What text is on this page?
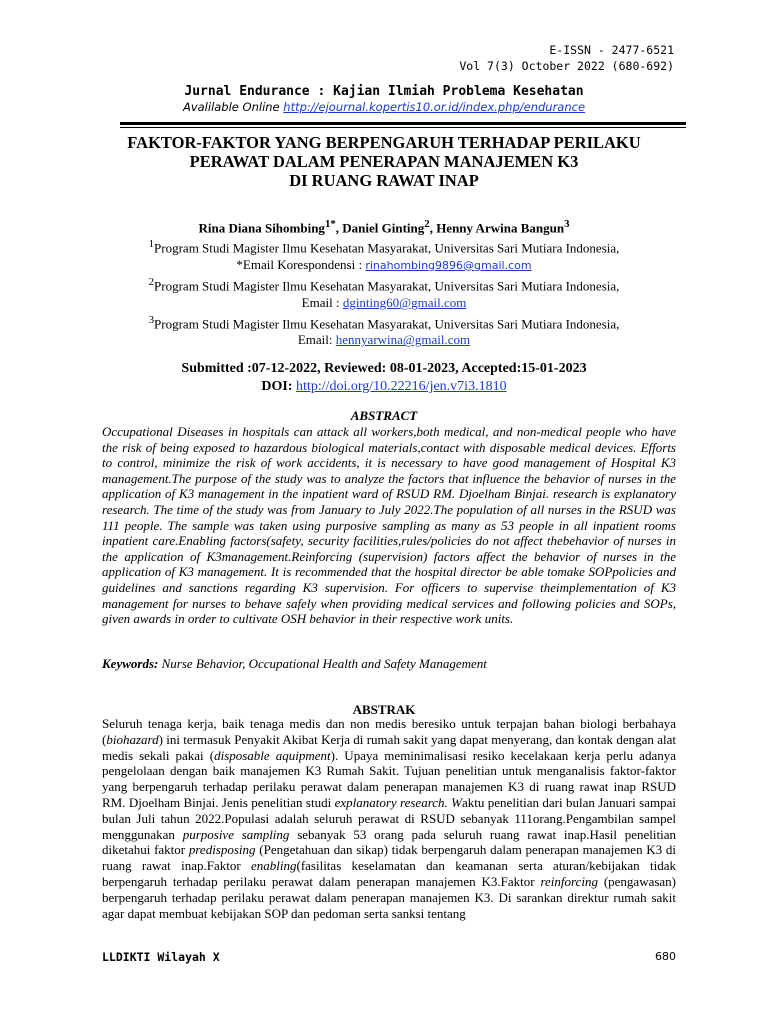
E-ISSN - 2477-6521
Vol 7(3) October 2022 (680-692)
Jurnal Endurance : Kajian Ilmiah Problema Kesehatan
Avalilable Online http://ejournal.kopertis10.or.id/index.php/endurance
FAKTOR-FAKTOR YANG BERPENGARUH TERHADAP PERILAKU
PERAWAT DALAM PENERAPAN MANAJEMEN K3
DI RUANG RAWAT INAP
Rina Diana Sihombing$^{1*}$, Daniel Ginting$^2$, Henny Arwina Bangun$^3$
$^1$Program Studi Magister Ilmu Kesehatan Masyarakat, Universitas Sari Mutiara Indonesia,
*Email Korespondensi : rinahombing9896@gmail.com
$^2$Program Studi Magister Ilmu Kesehatan Masyarakat, Universitas Sari Mutiara Indonesia,
Email : dginting60@gmail.com
$^3$Program Studi Magister Ilmu Kesehatan Masyarakat, Universitas Sari Mutiara Indonesia,
Email: hennyarwina@gmail.com
Submitted :07-12-2022, Reviewed: 08-01-2023, Accepted:15-01-2023
DOI: http://doi.org/10.22216/jen.v7i3.1810
ABSTRACT
Occupational Diseases in hospitals can attack all workers,both medical, and non-medical people who have the risk of being exposed to hazardous biological materials,contact with disposable medical devices. Efforts to control, minimize the risk of work accidents, it is necessary to have good management of Hospital K3 management.The purpose of the study was to analyze the factors that influence the behavior of nurses in the application of K3 management in the inpatient ward of RSUD RM. Djoelham Binjai. research is explanatory research. The time of the study was from January to July 2022.The population of all nurses in the RSUD was 111 people. The sample was taken using purposive sampling as many as 53 people in all inpatient rooms inpatient care.Enabling factors(safety, security facilities,rules/policies do not affect thebehavior of nurses in the application of K3management.Reinforcing (supervision) factors affect the behavior of nurses in the application of K3 management. It is recommended that the hospital director be able tomake SOPpolicies and guidelines and sanctions regarding K3 supervision. For officers to supervise theimplementation of K3 management for nurses to behave safely when providing medical services and following policies and SOPs, given awards in order to cultivate OSH behavior in their respective work units.
Keywords: Nurse Behavior, Occupational Health and Safety Management
ABSTRAK
Seluruh tenaga kerja, baik tenaga medis dan non medis beresiko untuk terpajan bahan biologi berbahaya (biohazard) ini termasuk Penyakit Akibat Kerja di rumah sakit yang dapat menyerang, dan kontak dengan alat medis sekali pakai (disposable aquipment). Upaya meminimalisasi resiko kecelakaan kerja perlu adanya pengelolaan dengan baik manajemen K3 Rumah Sakit. Tujuan penelitian untuk menganalisis faktor-faktor yang berpengaruh terhadap perilaku perawat dalam penerapan manajemen K3 di ruang rawat inap RSUD RM. Djoelham Binjai. Jenis penelitian studi explanatory research. Waktu penelitian dari bulan Januari sampai bulan Juli tahun 2022.Populasi adalah seluruh perawat di RSUD sebanyak 111orang.Pengambilan sampel menggunakan purposive sampling sebanyak 53 orang pada seluruh ruang rawat inap.Hasil penelitian diketahui faktor predisposing (Pengetahuan dan sikap) tidak berpengaruh dalam penerapan manajemen K3 di ruang rawat inap.Faktor enabling(fasilitas keselamatan dan keamanan serta aturan/kebijakan tidak berpengaruh terhadap perilaku perawat dalam penerapan manajemen K3.Faktor reinforcing (pengawasan) berpengaruh terhadap perilaku perawat dalam penerapan manajemen K3. Di sarankan direktur rumah sakit agar dapat membuat kebijakan SOP dan pedoman serta sanksi tentang
LLDIKTI Wilayah X	680
